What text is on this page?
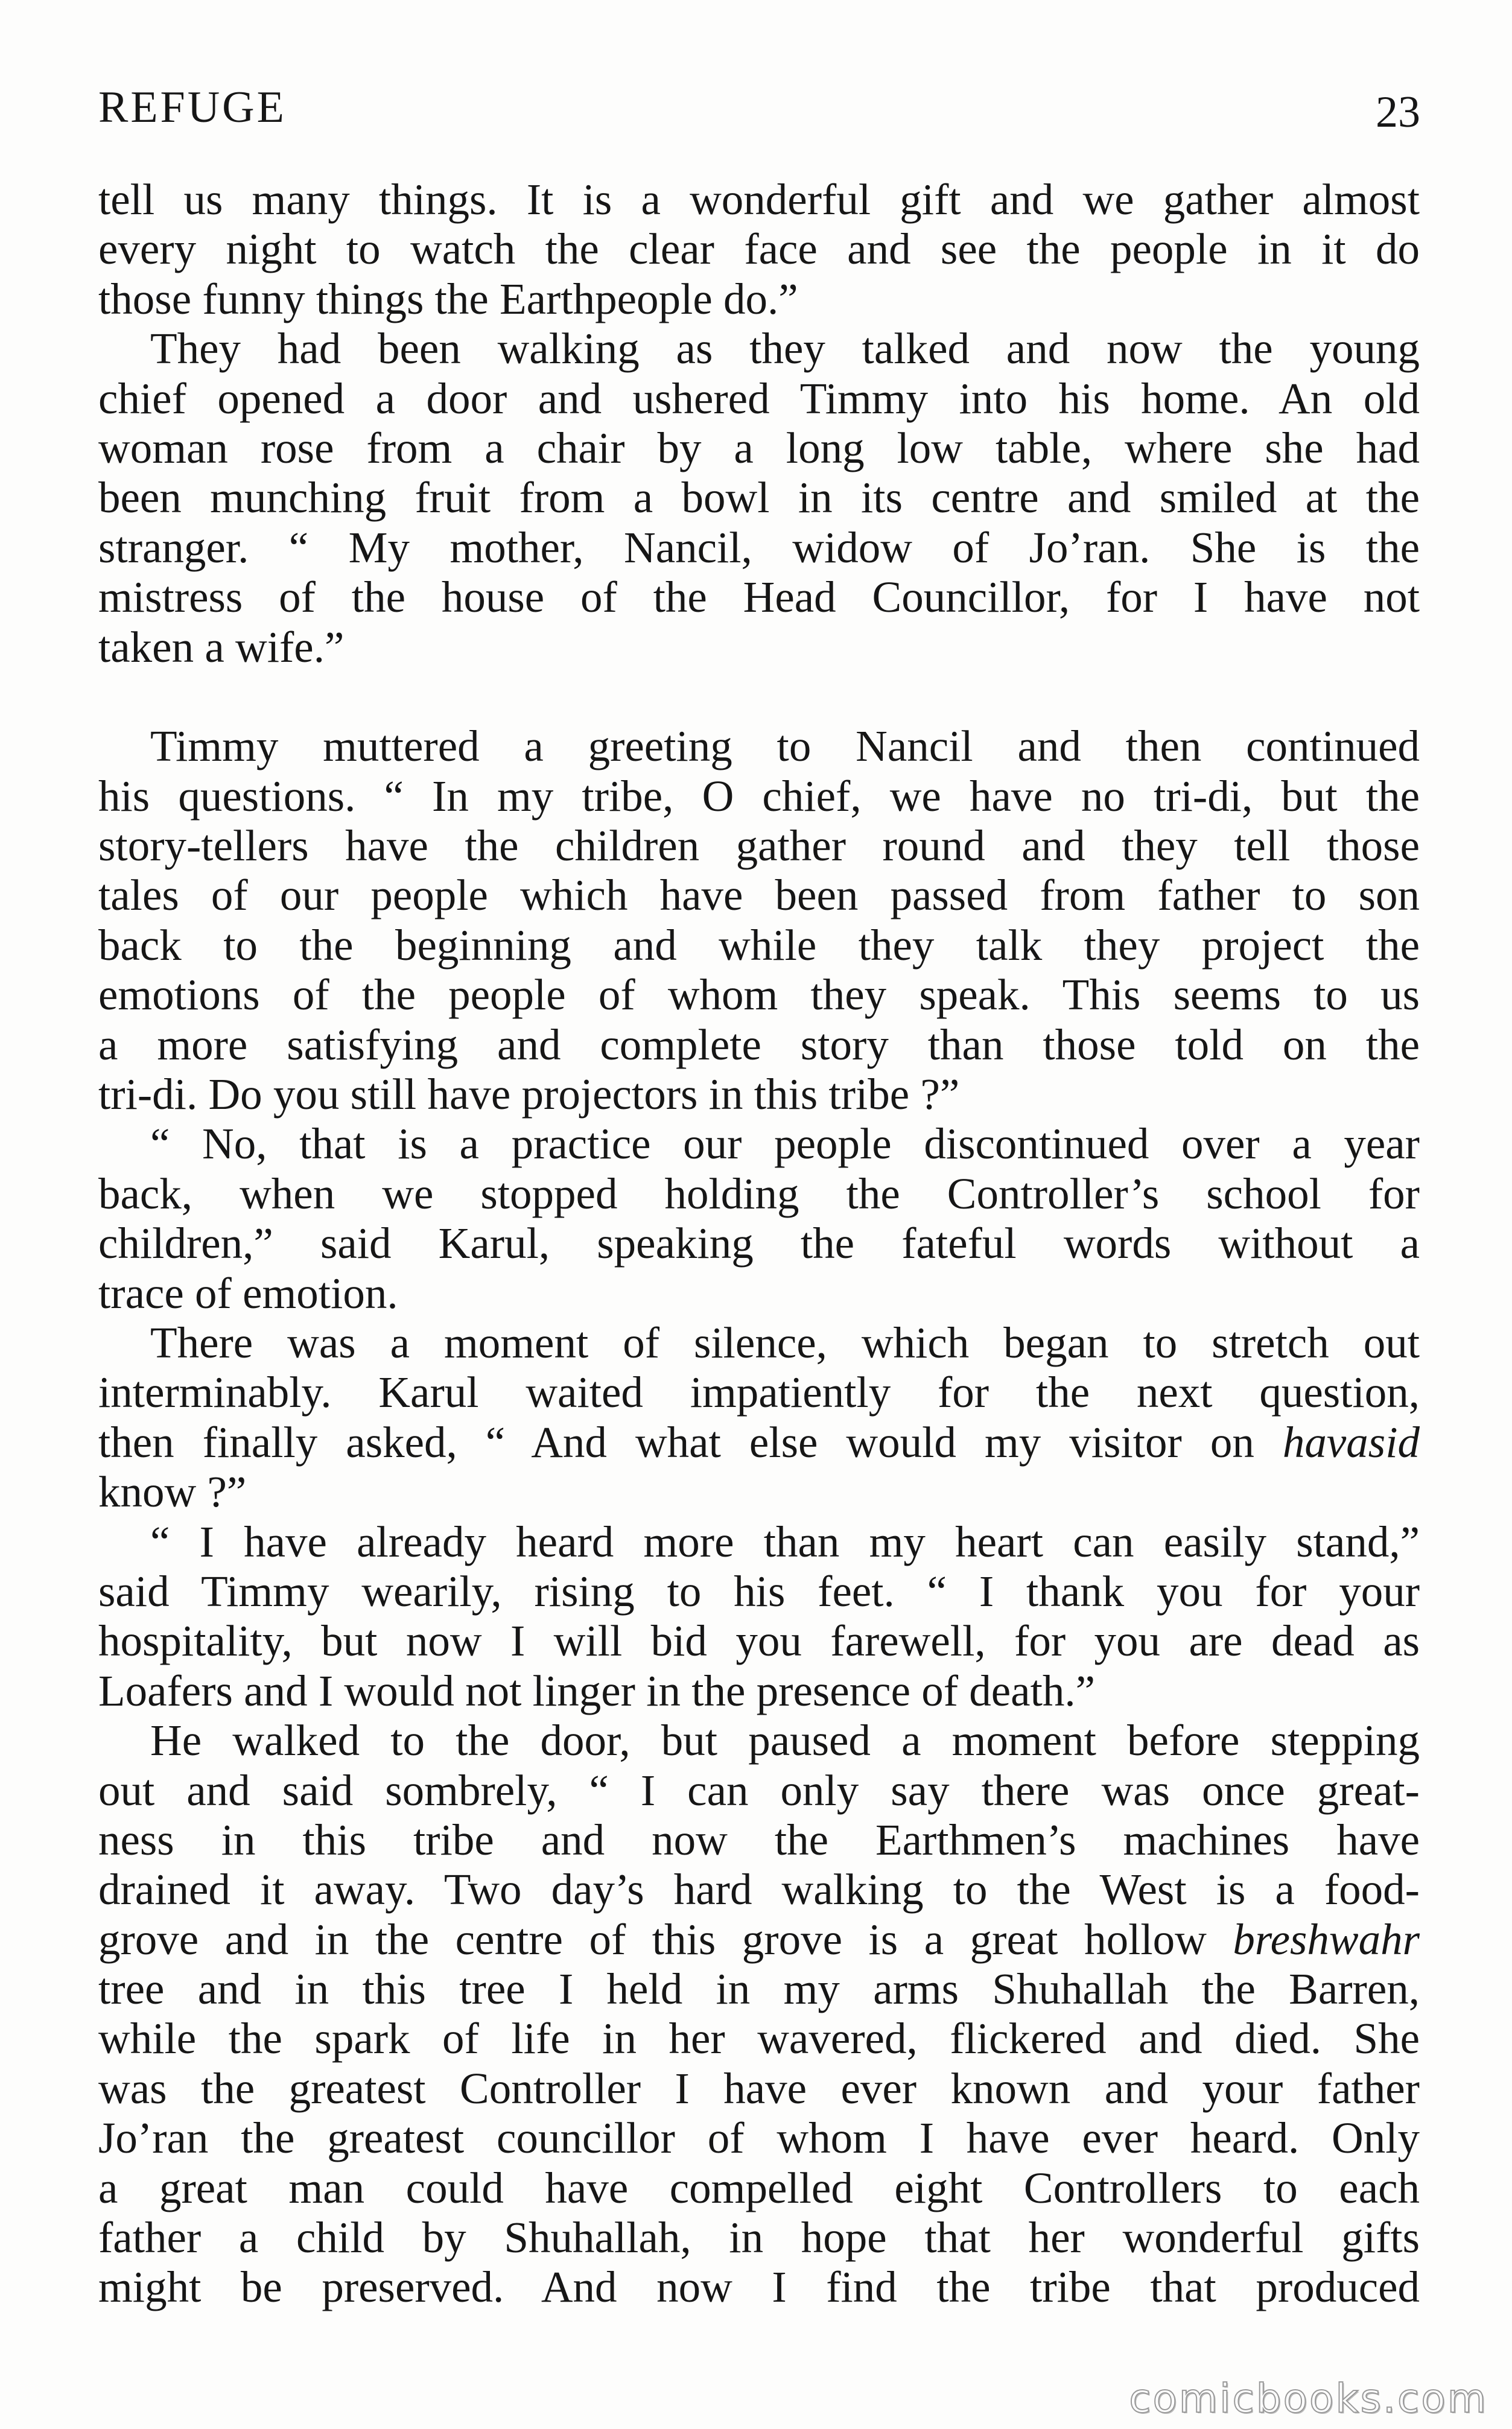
REFUGE	23
tell us many things. It is a wonderful gift and we gather almost
every night to watch the clear face and see the people in it do
those funny things the Earthpeople do.”
They had been walking as they talked and now the young
chief opened a door and ushered Timmy into his home. An old
woman rose from a chair by a long low table, where she had
been munching fruit from a bowl in its centre and smiled at the
stranger. “ My mother, Nancil, widow of Jo’ran. She is the
mistress of the house of the Head Councillor, for I have not
taken a wife.”
Timmy muttered a greeting to Nancil and then continued
his questions. “ In my tribe, O chief, we have no tri-di, but the
story-tellers have the children gather round and they tell those
tales of our people which have been passed from father to son
back to the beginning and while they talk they project the
emotions of the people of whom they speak. This seems to us
a more satisfying and complete story than those told on the
tri-di. Do you still have projectors in this tribe ?”
“ No, that is a practice our people discontinued over a year
back, when we stopped holding the Controller’s school for
children,” said Karul, speaking the fateful words without a
trace of emotion.
There was a moment of silence, which began to stretch out
interminably. Karul waited impatiently for the next question,
then finally asked, “ And what else would my visitor on havasid
know ?”
“ I have already heard more than my heart can easily stand,”
said Timmy wearily, rising to his feet. “ I thank you for your
hospitality, but now I will bid you farewell, for you are dead as
Loafers and I would not linger in the presence of death.”
He walked to the door, but paused a moment before stepping
out and said sombrely, “ I can only say there was once great-
ness in this tribe and now the Earthmen’s machines have
drained it away. Two day’s hard walking to the West is a food-
grove and in the centre of this grove is a great hollow breshwahr
tree and in this tree I held in my arms Shuhallah the Barren,
while the spark of life in her wavered, flickered and died. She
was the greatest Controller I have ever known and your father
Jo’ran the greatest councillor of whom I have ever heard. Only
a great man could have compelled eight Controllers to each
father a child by Shuhallah, in hope that her wonderful gifts
might be preserved. And now I find the tribe that produced
comicbooks.com
